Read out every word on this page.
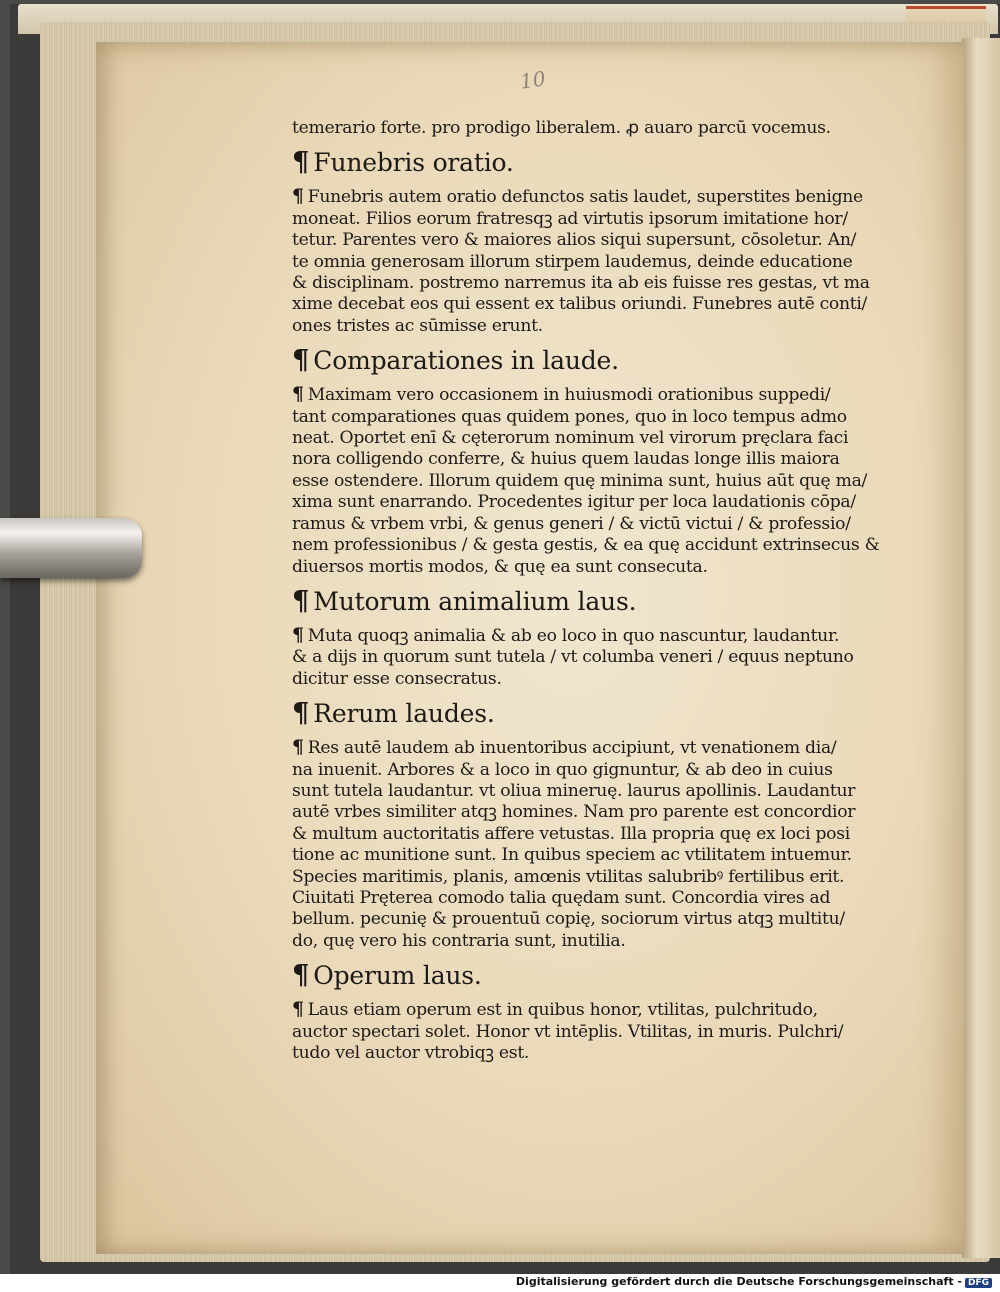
10
temerario forte. pro prodigo liberalem. ꝓ auaro parcū vocemus.
¶ Funebris oratio.
¶ Funebris autem oratio defunctos satis laudet, superstites benigne
moneat. Filios eorum fratresqꝫ ad virtutis ipsorum imitatione hor/
tetur. Parentes vero & maiores alios siqui supersunt, cōsoletur. An/
te omnia generosam illorum stirpem laudemus, deinde educatione
& disciplinam. postremo narremus ita ab eis fuisse res gestas, vt ma
xime decebat eos qui essent ex talibus oriundi. Funebres autē conti/
ones tristes ac sūmisse erunt.
¶ Comparationes in laude.
¶ Maximam vero occasionem in huiusmodi orationibus suppedi/
tant comparationes quas quidem pones, quo in loco tempus admo
neat. Oportet enī & cęterorum nominum vel virorum pręclara faci
nora colligendo conferre, & huius quem laudas longe illis maiora
esse ostendere. Illorum quidem quę minima sunt, huius aūt quę ma/
xima sunt enarrando. Procedentes igitur per loca laudationis cōpa/
ramus & vrbem vrbi, & genus generi / & victū victui / & professio/
nem professionibus / & gesta gestis, & ea quę accidunt extrinsecus &
diuersos mortis modos, & quę ea sunt consecuta.
¶ Mutorum animalium laus.
¶ Muta quoqꝫ animalia & ab eo loco in quo nascuntur, laudantur.
& a dijs in quorum sunt tutela / vt columba veneri / equus neptuno
dicitur esse consecratus.
¶ Rerum laudes.
¶ Res autē laudem ab inuentoribus accipiunt, vt venationem dia/
na inuenit. Arbores & a loco in quo gignuntur, & ab deo in cuius
sunt tutela laudantur. vt oliua mineruę. laurus apollinis. Laudantur
autē vrbes similiter atqꝫ homines. Nam pro parente est concordior
& multum auctoritatis affere vetustas. Illa propria quę ex loci posi
tione ac munitione sunt. In quibus speciem ac vtilitatem intuemur.
Species maritimis, planis, amœnis vtilitas salubribꝰ fertilibus erit.
Ciuitati Pręterea comodo talia quędam sunt. Concordia vires ad
bellum. pecunię & prouentuū copię, sociorum virtus atqꝫ multitu/
do, quę vero his contraria sunt, inutilia.
¶ Operum laus.
¶ Laus etiam operum est in quibus honor, vtilitas, pulchritudo,
auctor spectari solet. Honor vt intēplis. Vtilitas, in muris. Pulchri/
tudo vel auctor vtrobiqꝫ est.
Digitalisierung gefördert durch die Deutsche Forschungsgemeinschaft - DFG
